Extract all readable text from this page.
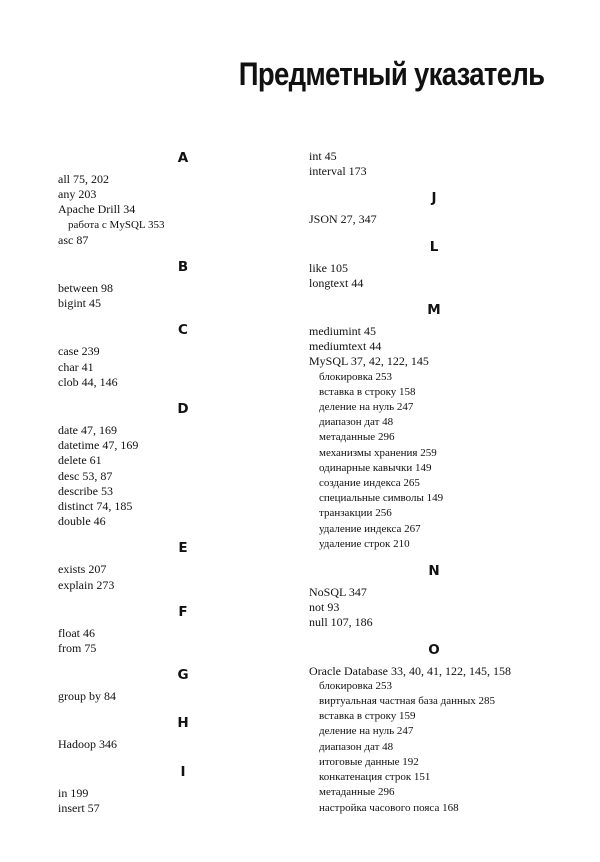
Предметный указатель
A
all 75, 202
any 203
Apache Drill 34
работа с MySQL 353
asc 87
B
between 98
bigint 45
C
case 239
char 41
clob 44, 146
D
date 47, 169
datetime 47, 169
delete 61
desc 53, 87
describe 53
distinct 74, 185
double 46
E
exists 207
explain 273
F
float 46
from 75
G
group by 84
H
Hadoop 346
I
in 199
insert 57
int 45
interval 173
J
JSON 27, 347
L
like 105
longtext 44
M
mediumint 45
mediumtext 44
MySQL 37, 42, 122, 145
блокировка 253
вставка в строку 158
деление на нуль 247
диапазон дат 48
метаданные 296
механизмы хранения 259
одинарные кавычки 149
создание индекса 265
специальные символы 149
транзакции 256
удаление индекса 267
удаление строк 210
N
NoSQL 347
not 93
null 107, 186
O
Oracle Database 33, 40, 41, 122, 145, 158
блокировка 253
виртуальная частная база данных 285
вставка в строку 159
деление на нуль 247
диапазон дат 48
итоговые данные 192
конкатенация строк 151
метаданные 296
настройка часового пояса 168
